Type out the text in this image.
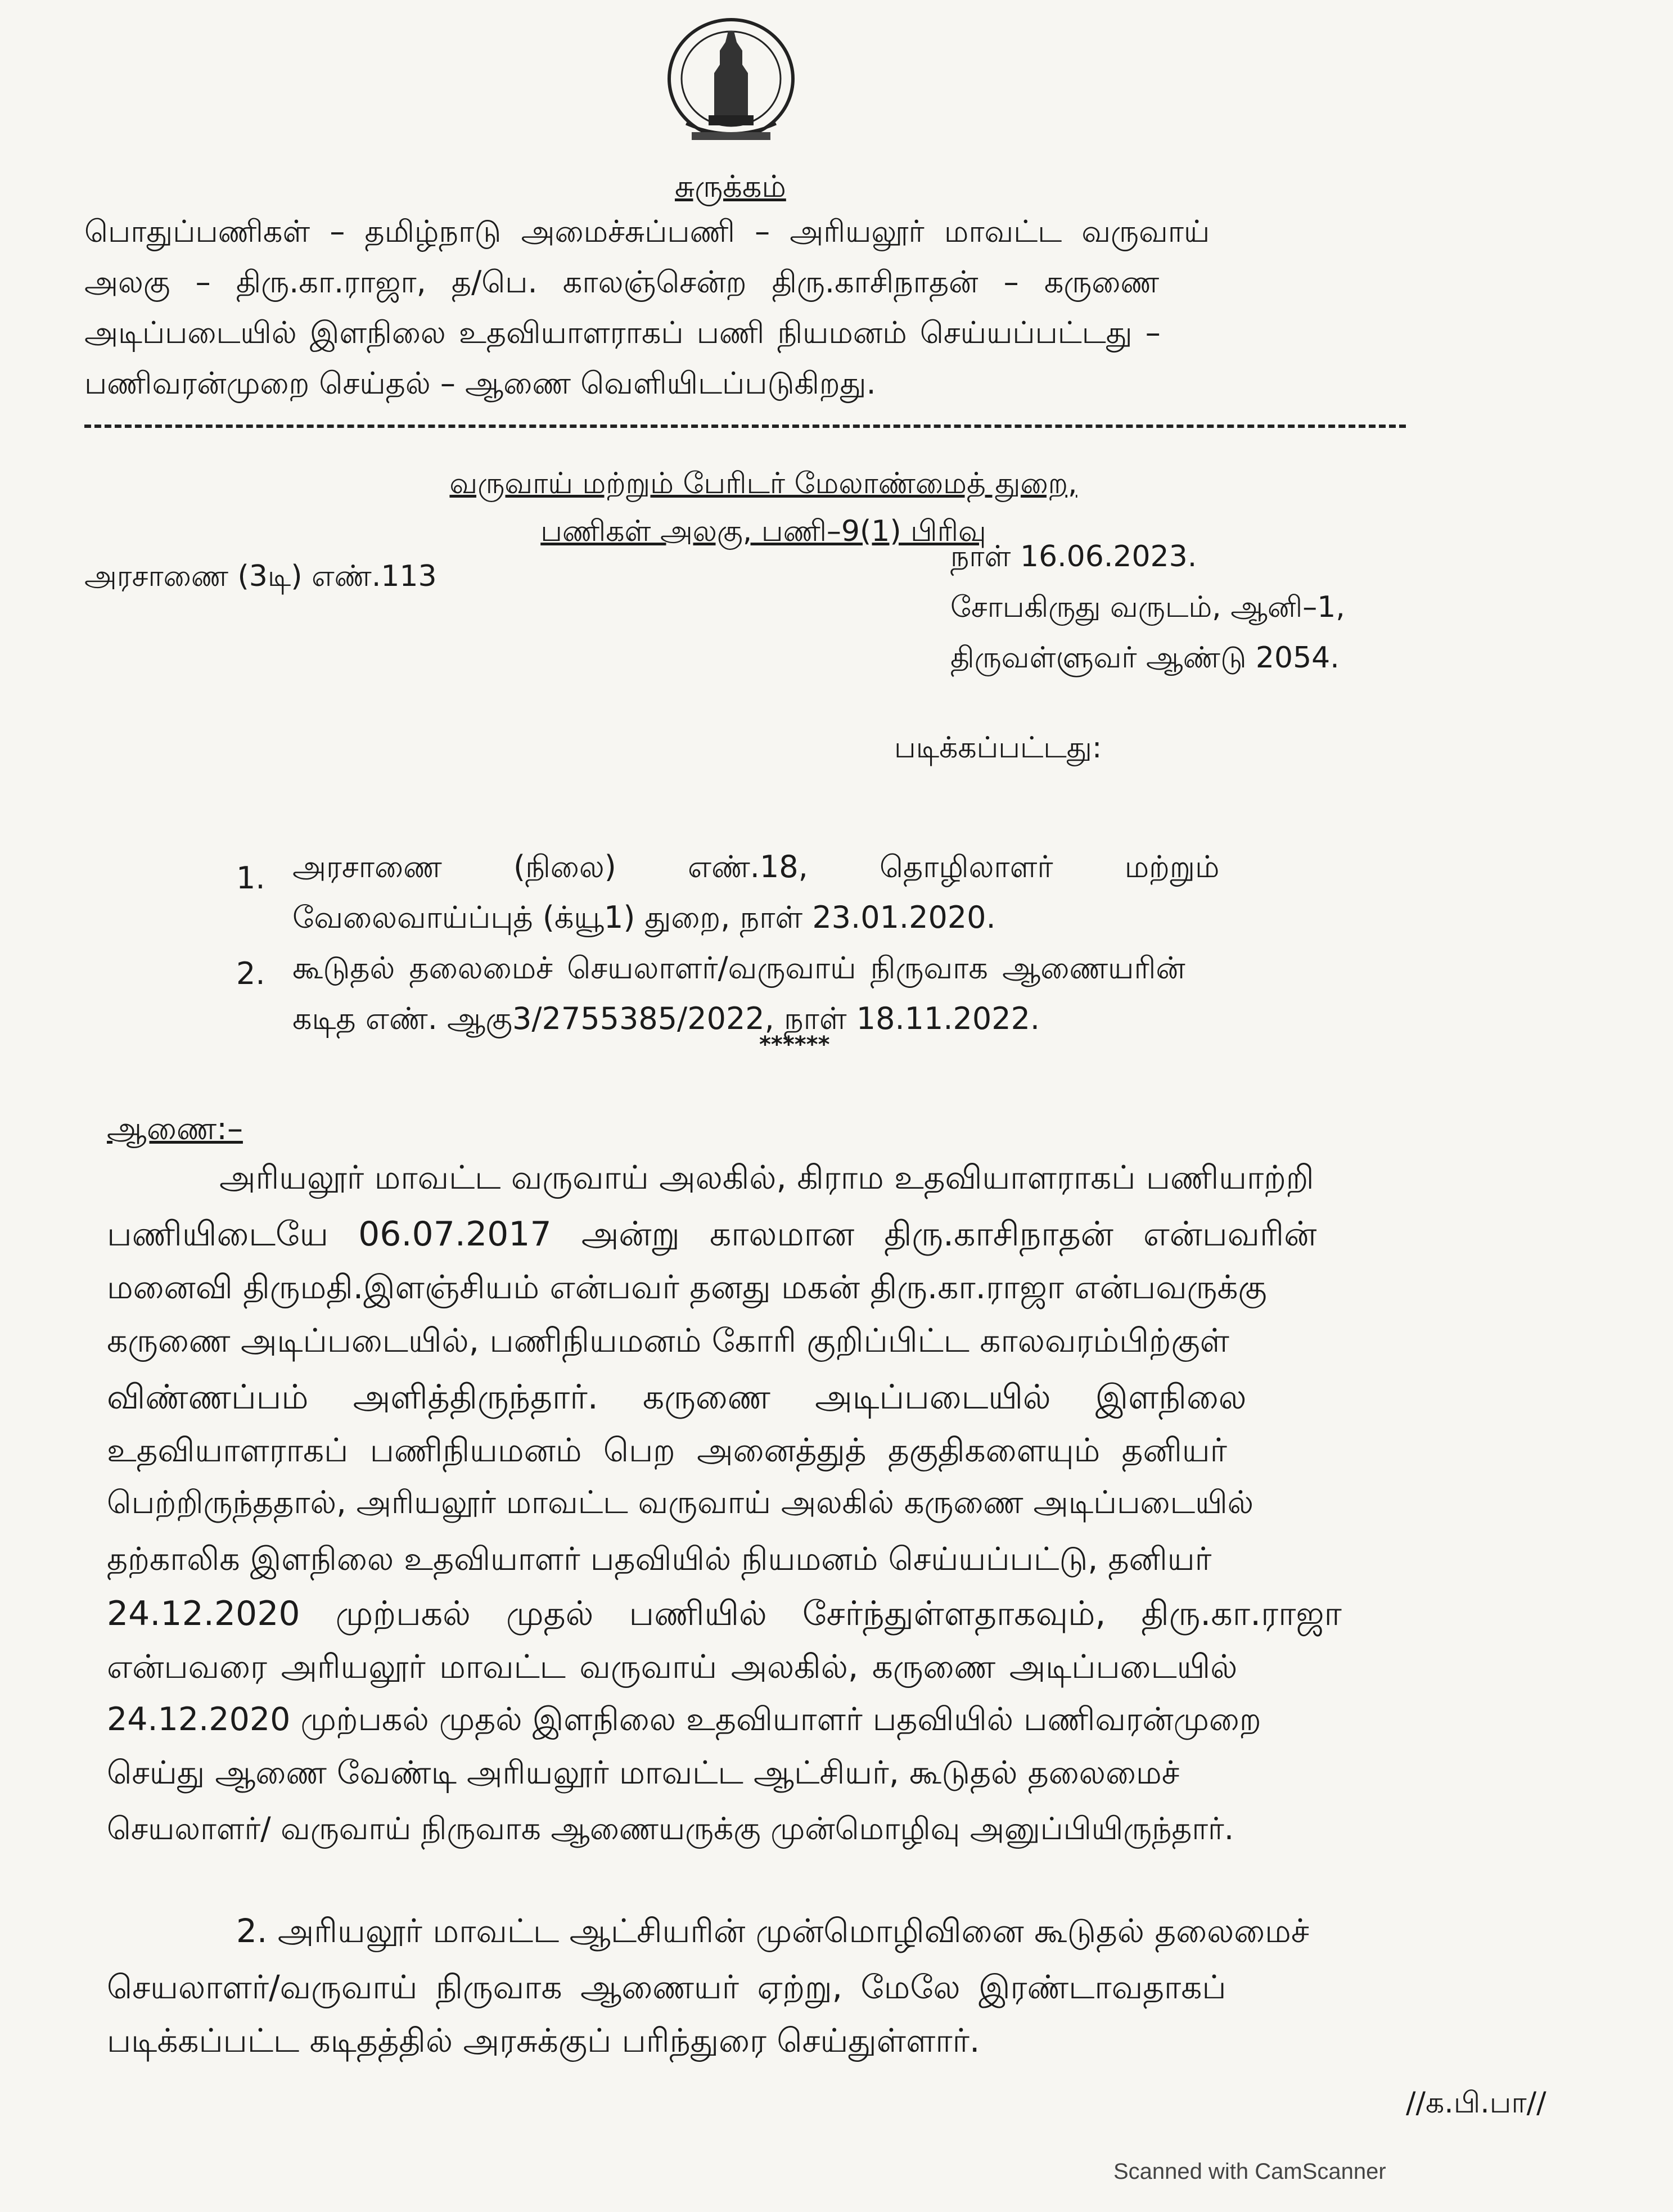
சுருக்கம்
பொதுப்பணிகள் – தமிழ்நாடு அமைச்சுப்பணி – அரியலூர் மாவட்ட வருவாய்
அலகு – திரு.கா.ராஜா, த/பெ. காலஞ்சென்ற திரு.காசிநாதன் – கருணை
அடிப்படையில் இளநிலை உதவியாளராகப் பணி நியமனம் செய்யப்பட்டது –
பணிவரன்முறை செய்தல் – ஆணை வெளியிடப்படுகிறது.
வருவாய் மற்றும் பேரிடர் மேலாண்மைத் துறை,
பணிகள் அலகு, பணி–9(1) பிரிவு
அரசாணை (3டி) எண்.113
நாள் 16.06.2023.
சோபகிருது வருடம், ஆனி–1,
திருவள்ளுவர் ஆண்டு 2054.
படிக்கப்பட்டது:
1. அரசாணை (நிலை) எண்.18, தொழிலாளர் மற்றும்
வேலைவாய்ப்புத் (க்யூ1) துறை, நாள் 23.01.2020.
2. கூடுதல் தலைமைச் செயலாளர்/வருவாய் நிருவாக ஆணையரின்
கடித எண். ஆகு3/2755385/2022, நாள் 18.11.2022.
******
ஆணை:–
அரியலூர் மாவட்ட வருவாய் அலகில், கிராம உதவியாளராகப் பணியாற்றி
பணியிடையே 06.07.2017 அன்று காலமான திரு.காசிநாதன் என்பவரின்
மனைவி திருமதி.இளஞ்சியம் என்பவர் தனது மகன் திரு.கா.ராஜா என்பவருக்கு
கருணை அடிப்படையில், பணிநியமனம் கோரி குறிப்பிட்ட காலவரம்பிற்குள்
விண்ணப்பம் அளித்திருந்தார். கருணை அடிப்படையில் இளநிலை
உதவியாளராகப் பணிநியமனம் பெற அனைத்துத் தகுதிகளையும் தனியர்
பெற்றிருந்ததால், அரியலூர் மாவட்ட வருவாய் அலகில் கருணை அடிப்படையில்
தற்காலிக இளநிலை உதவியாளர் பதவியில் நியமனம் செய்யப்பட்டு, தனியர்
24.12.2020 முற்பகல் முதல் பணியில் சேர்ந்துள்ளதாகவும், திரு.கா.ராஜா
என்பவரை அரியலூர் மாவட்ட வருவாய் அலகில், கருணை அடிப்படையில்
24.12.2020 முற்பகல் முதல் இளநிலை உதவியாளர் பதவியில் பணிவரன்முறை
செய்து ஆணை வேண்டி அரியலூர் மாவட்ட ஆட்சியர், கூடுதல் தலைமைச்
செயலாளர்/ வருவாய் நிருவாக ஆணையருக்கு முன்மொழிவு அனுப்பியிருந்தார்.
2. அரியலூர் மாவட்ட ஆட்சியரின் முன்மொழிவினை கூடுதல் தலைமைச்
செயலாளர்/வருவாய் நிருவாக ஆணையர் ஏற்று, மேலே இரண்டாவதாகப்
படிக்கப்பட்ட கடிதத்தில் அரசுக்குப் பரிந்துரை செய்துள்ளார்.
//க.பி.பா//
Scanned with CamScanner
